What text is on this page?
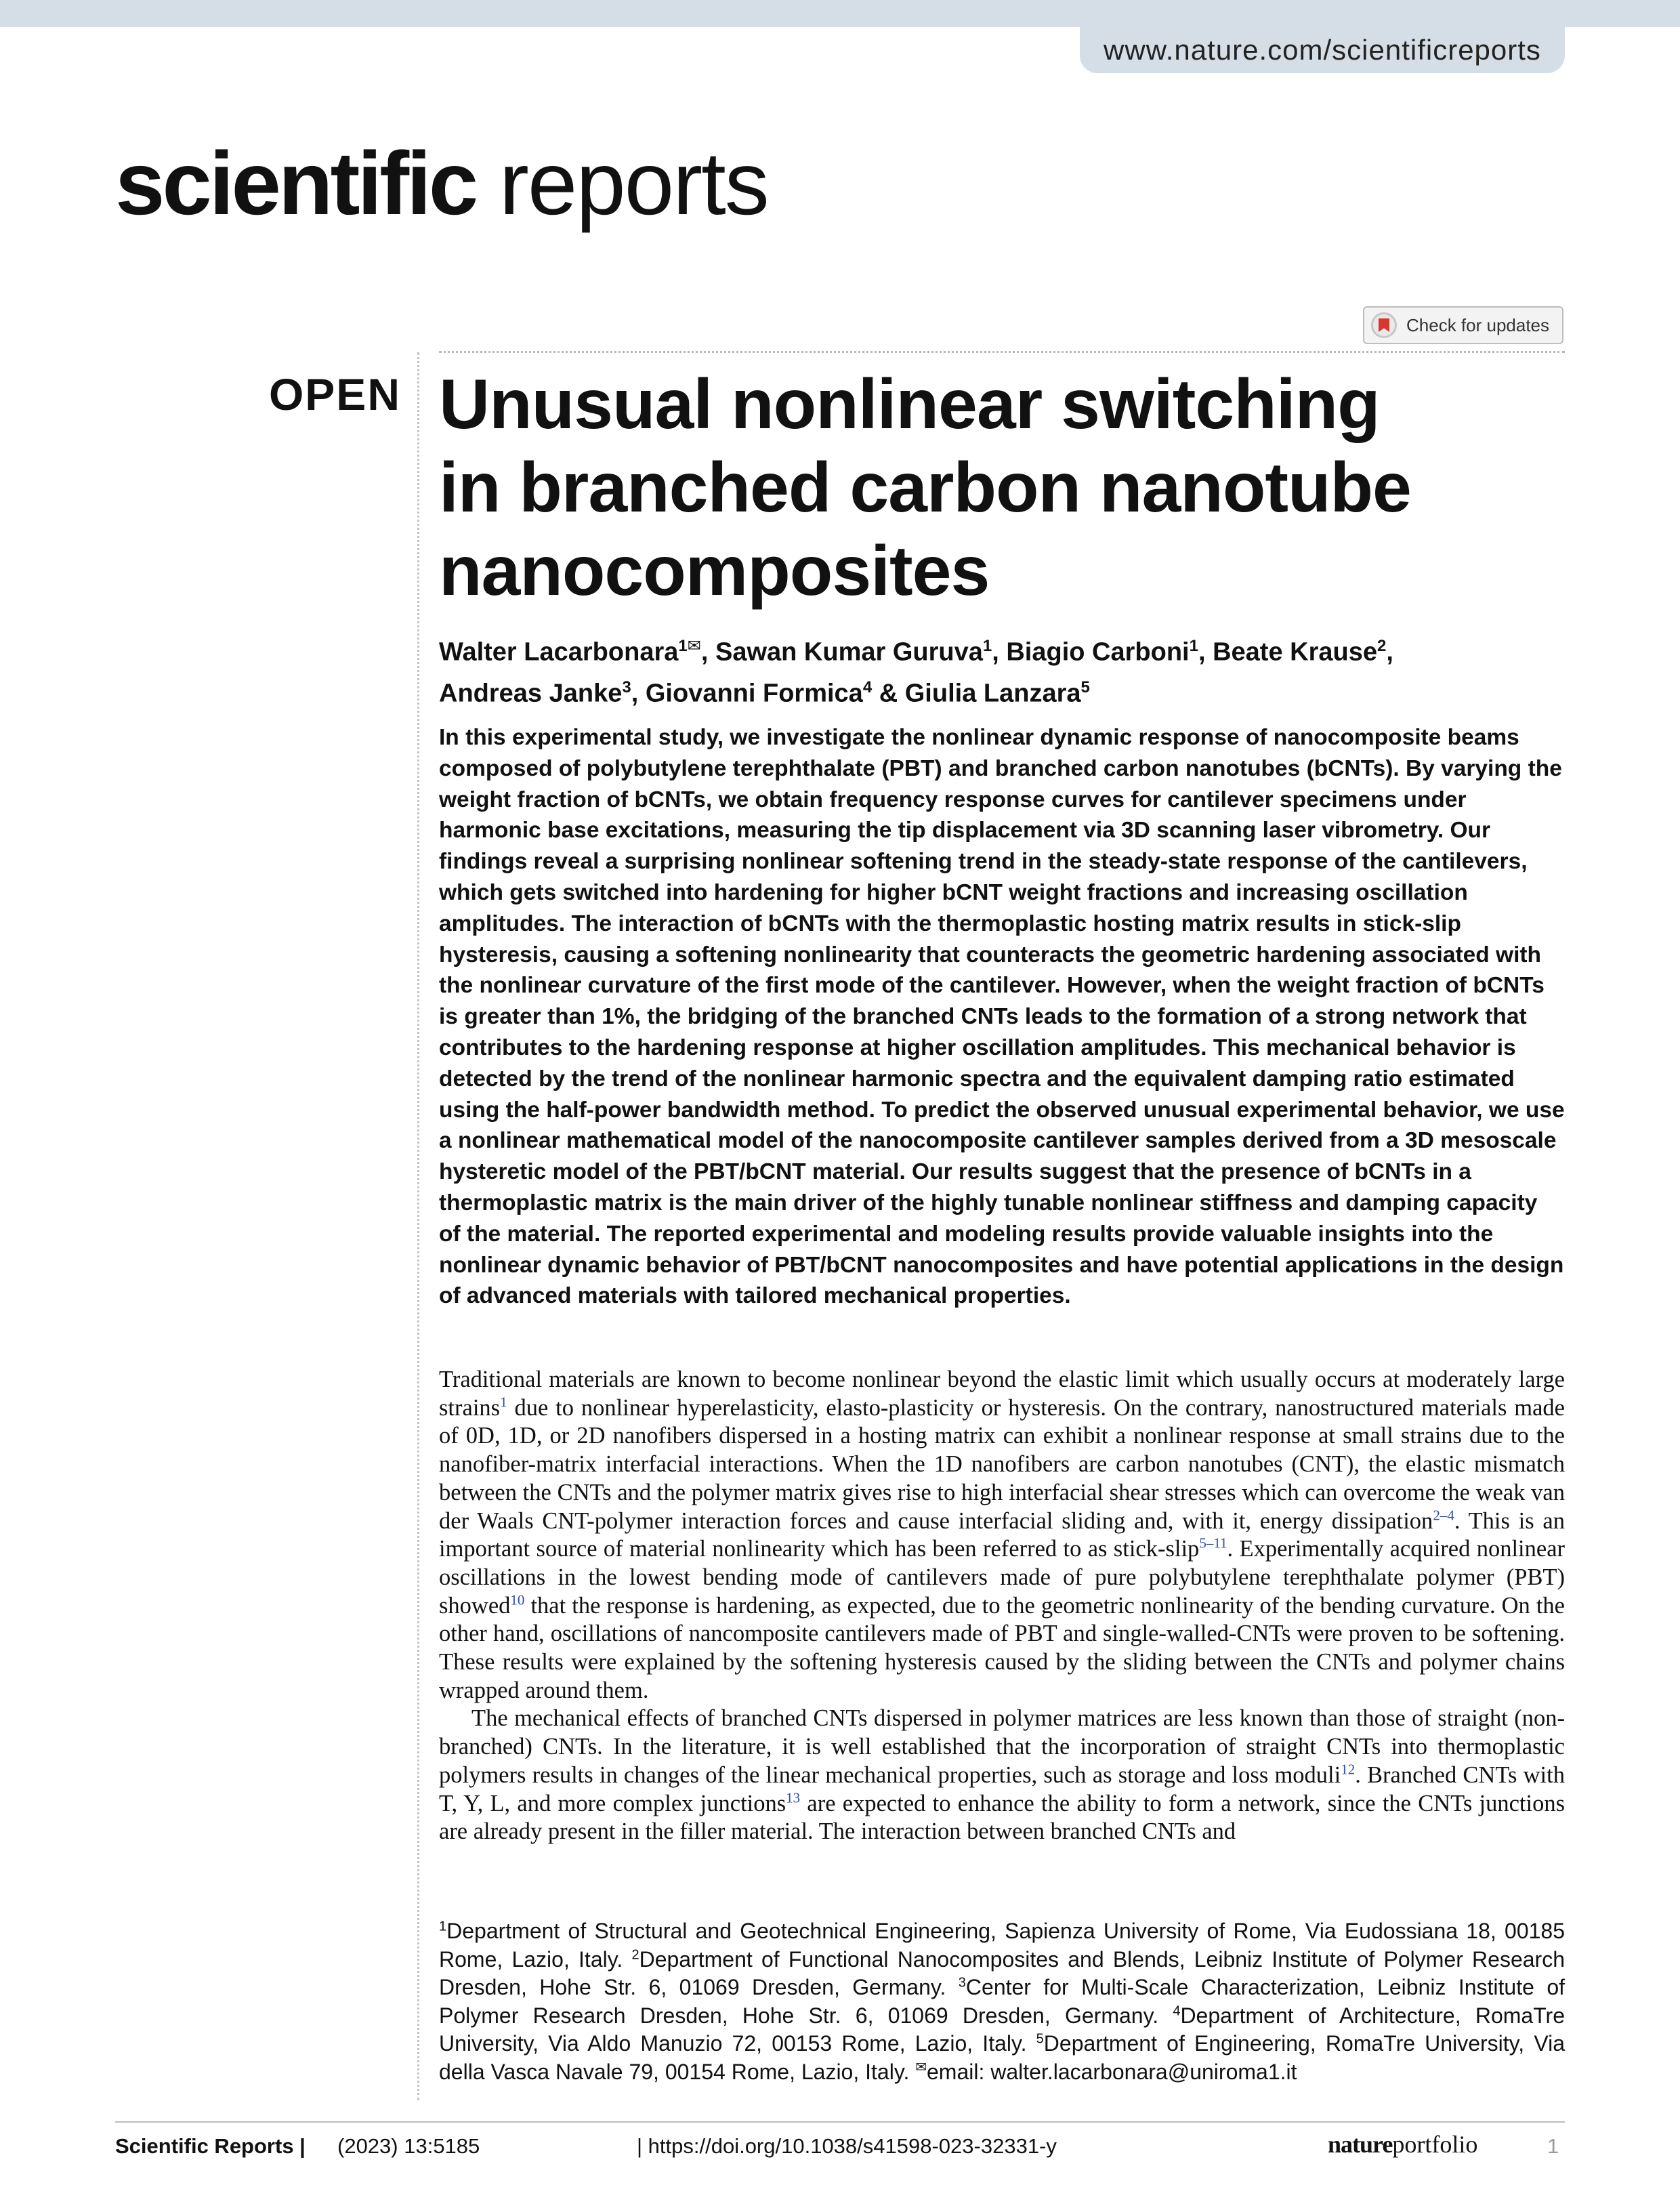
www.nature.com/scientificreports
scientific reports
Check for updates
OPEN Unusual nonlinear switching
in branched carbon nanotube
nanocomposites
Walter Lacarbonara$^{1✉}$, Sawan Kumar Guruva$^1$, Biagio Carboni$^1$, Beate Krause$^2$,
Andreas Janke$^3$, Giovanni Formica$^4$ & Giulia Lanzara$^5$
In this experimental study, we investigate the nonlinear dynamic response of nanocomposite beams composed of polybutylene terephthalate (PBT) and branched carbon nanotubes (bCNTs). By varying the weight fraction of bCNTs, we obtain frequency response curves for cantilever specimens under harmonic base excitations, measuring the tip displacement via 3D scanning laser vibrometry. Our findings reveal a surprising nonlinear softening trend in the steady-state response of the cantilevers, which gets switched into hardening for higher bCNT weight fractions and increasing oscillation amplitudes. The interaction of bCNTs with the thermoplastic hosting matrix results in stick-slip hysteresis, causing a softening nonlinearity that counteracts the geometric hardening associated with the nonlinear curvature of the first mode of the cantilever. However, when the weight fraction of bCNTs is greater than 1%, the bridging of the branched CNTs leads to the formation of a strong network that contributes to the hardening response at higher oscillation amplitudes. This mechanical behavior is detected by the trend of the nonlinear harmonic spectra and the equivalent damping ratio estimated using the half-power bandwidth method. To predict the observed unusual experimental behavior, we use a nonlinear mathematical model of the nanocomposite cantilever samples derived from a 3D mesoscale hysteretic model of the PBT/bCNT material. Our results suggest that the presence of bCNTs in a thermoplastic matrix is the main driver of the highly tunable nonlinear stiffness and damping capacity of the material. The reported experimental and modeling results provide valuable insights into the nonlinear dynamic behavior of PBT/bCNT nanocomposites and have potential applications in the design of advanced materials with tailored mechanical properties.

Traditional materials are known to become nonlinear beyond the elastic limit which usually occurs at moderately large strains$^1$ due to nonlinear hyperelasticity, elasto-plasticity or hysteresis. On the contrary, nanostructured materials made of 0D, 1D, or 2D nanofibers dispersed in a hosting matrix can exhibit a nonlinear response at small strains due to the nanofiber-matrix interfacial interactions. When the 1D nanofibers are carbon nanotubes (CNT), the elastic mismatch between the CNTs and the polymer matrix gives rise to high interfacial shear stresses which can overcome the weak van der Waals CNT-polymer interaction forces and cause interfacial sliding and, with it, energy dissipation$^{2-4}$. This is an important source of material nonlinearity which has been referred to as stick-slip$^{5-11}$. Experimentally acquired nonlinear oscillations in the lowest bending mode of cantilevers made of pure polybutylene terephthalate polymer (PBT) showed$^{10}$ that the response is hardening, as expected, due to the geometric nonlinearity of the bending curvature. On the other hand, oscillations of nancomposite cantilevers made of PBT and single-walled-CNTs were proven to be softening. These results were explained by the softening hysteresis caused by the sliding between the CNTs and polymer chains wrapped around them.

The mechanical effects of branched CNTs dispersed in polymer matrices are less known than those of straight (non-branched) CNTs. In the literature, it is well established that the incorporation of straight CNTs into thermoplastic polymers results in changes of the linear mechanical properties, such as storage and loss moduli$^{12}$. Branched CNTs with T, Y, L, and more complex junctions$^{13}$ are expected to enhance the ability to form a network, since the CNTs junctions are already present in the filler material. The interaction between branched CNTs and

$^1$Department of Structural and Geotechnical Engineering, Sapienza University of Rome, Via Eudossiana 18, 00185 Rome, Lazio, Italy. $^2$Department of Functional Nanocomposites and Blends, Leibniz Institute of Polymer Research Dresden, Hohe Str. 6, 01069 Dresden, Germany. $^3$Center for Multi-Scale Characterization, Leibniz Institute of Polymer Research Dresden, Hohe Str. 6, 01069 Dresden, Germany. $^4$Department of Architecture, RomaTre University, Via Aldo Manuzio 72, 00153 Rome, Lazio, Italy. $^5$Department of Engineering, RomaTre University, Via della Vasca Navale 79, 00154 Rome, Lazio, Italy. ✉email: walter.lacarbonara@uniroma1.it
Scientific Reports | (2023) 13:5185	| https://doi.org/10.1038/s41598-023-32331-y	natureportfolio	1
